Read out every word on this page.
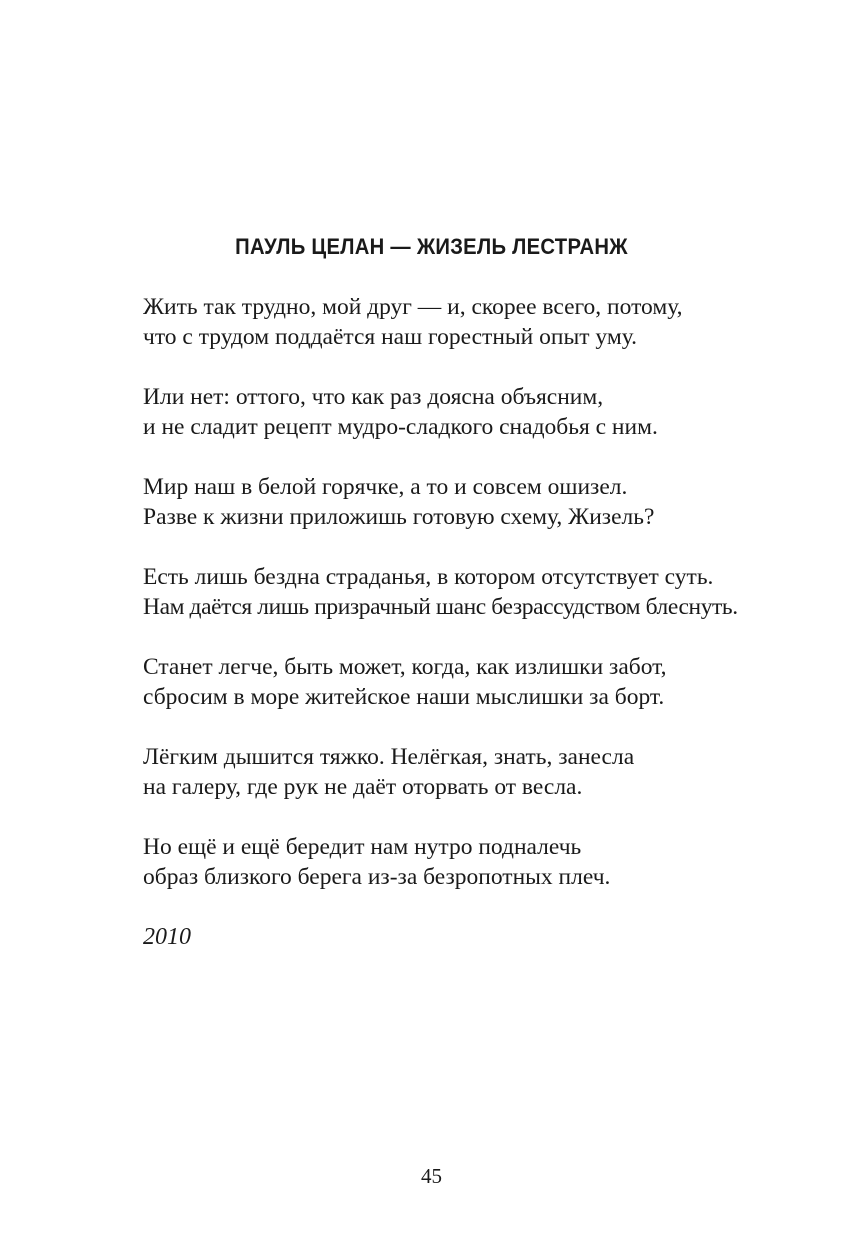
ПАУЛЬ ЦЕЛАН — ЖИЗЕЛЬ ЛЕСТРАНЖ
Жить так трудно, мой друг — и, скорее всего, потому,
что с трудом поддаётся наш горестный опыт уму.
Или нет: оттого, что как раз доясна объясним,
и не сладит рецепт мудро-сладкого снадобья с ним.
Мир наш в белой горячке, а то и совсем ошизел.
Разве к жизни приложишь готовую схему, Жизель?
Есть лишь бездна страданья, в котором отсутствует суть.
Нам даётся лишь призрачный шанс безрассудством блеснуть.
Станет легче, быть может, когда, как излишки забот,
сбросим в море житейское наши мыслишки за борт.
Лёгким дышится тяжко. Нелёгкая, знать, занесла
на галеру, где рук не даёт оторвать от весла.
Но ещё и ещё бередит нам нутро подналечь
образ близкого берега из-за безропотных плеч.
2010
45
